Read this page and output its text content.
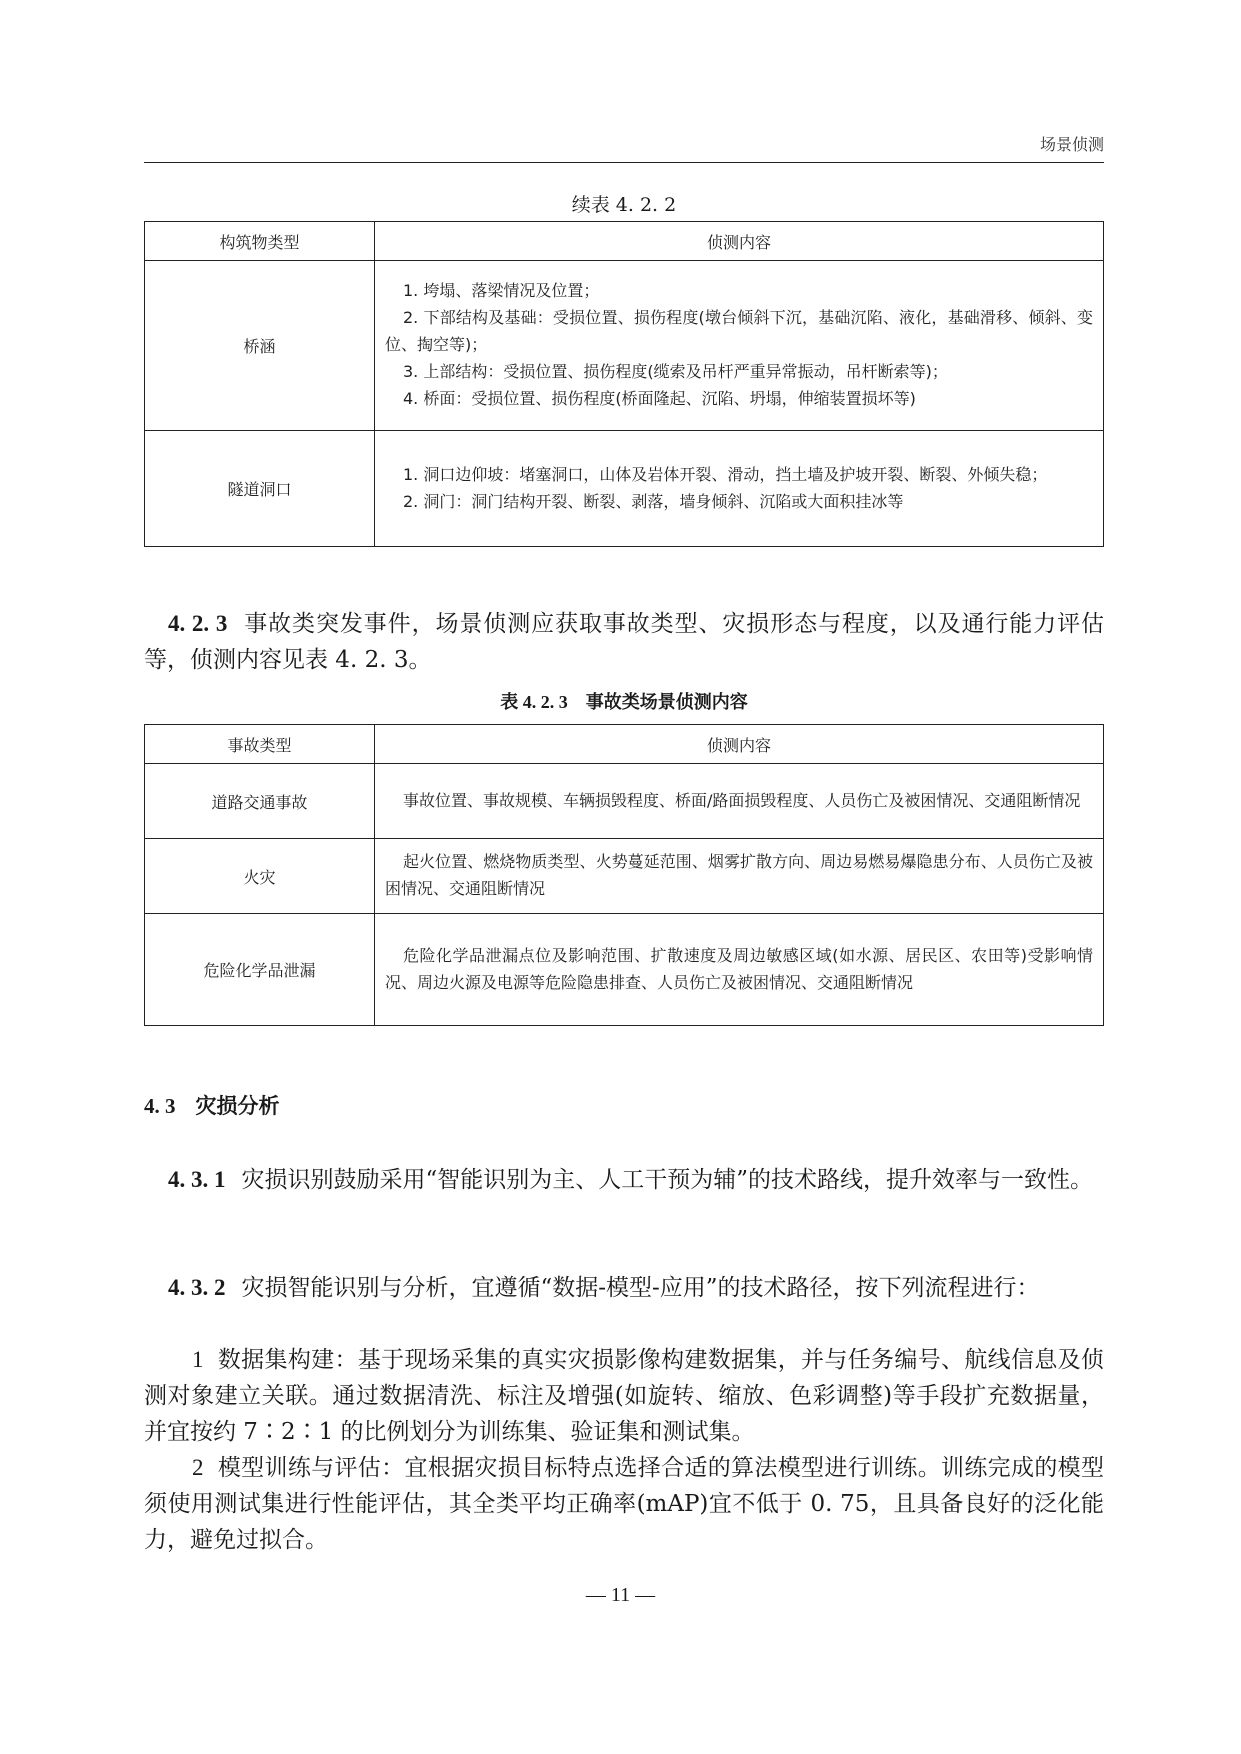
场景侦测
续表 4. 2. 2
构筑物类型	侦测内容
桥涵	1. 垮塌、落梁情况及位置；
2. 下部结构及基础：受损位置、损伤程度(墩台倾斜下沉，基础沉陷、液化，基础滑移、倾斜、变位、掏空等)；
3. 上部结构：受损位置、损伤程度(缆索及吊杆严重异常振动，吊杆断索等)；
4. 桥面：受损位置、损伤程度(桥面隆起、沉陷、坍塌，伸缩装置损坏等)

隧道洞口	1. 洞口边仰坡：堵塞洞口，山体及岩体开裂、滑动，挡土墙及护坡开裂、断裂、外倾失稳；
2. 洞门：洞门结构开裂、断裂、剥落，墙身倾斜、沉陷或大面积挂冰等
4. 2. 3 事故类突发事件，场景侦测应获取事故类型、灾损形态与程度，以及通行能力评估等，侦测内容见表 4. 2. 3。
表 4. 2. 3 事故类场景侦测内容
事故类型	侦测内容
道路交通事故	事故位置、事故规模、车辆损毁程度、桥面/路面损毁程度、人员伤亡及被困情况、交通阻断情况
火灾	起火位置、燃烧物质类型、火势蔓延范围、烟雾扩散方向、周边易燃易爆隐患分布、人员伤亡及被困情况、交通阻断情况
危险化学品泄漏	危险化学品泄漏点位及影响范围、扩散速度及周边敏感区域(如水源、居民区、农田等)受影响情况、周边火源及电源等危险隐患排查、人员伤亡及被困情况、交通阻断情况
4. 3 灾损分析
4. 3. 1 灾损识别鼓励采用“智能识别为主、人工干预为辅”的技术路线，提升效率与一致性。
4. 3. 2 灾损智能识别与分析，宜遵循“数据-模型-应用”的技术路径，按下列流程进行：
1 数据集构建：基于现场采集的真实灾损影像构建数据集，并与任务编号、航线信息及侦测对象建立关联。通过数据清洗、标注及增强(如旋转、缩放、色彩调整)等手段扩充数据量，并宜按约 7∶2∶1 的比例划分为训练集、验证集和测试集。
2 模型训练与评估：宜根据灾损目标特点选择合适的算法模型进行训练。训练完成的模型须使用测试集进行性能评估，其全类平均正确率(mAP)宜不低于 0. 75，且具备良好的泛化能力，避免过拟合。
— 11 —
